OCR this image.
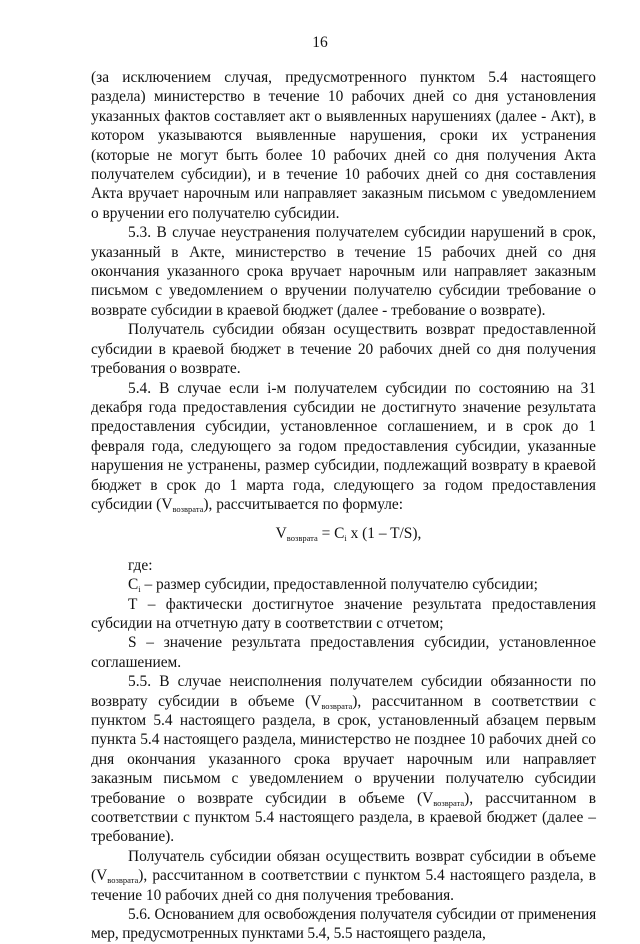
16

(за исключением случая, предусмотренного пунктом 5.4 настоящего раздела) министерство в течение 10 рабочих дней со дня установления указанных фактов составляет акт о выявленных нарушениях (далее - Акт), в котором указываются выявленные нарушения, сроки их устранения (которые не могут быть более 10 рабочих дней со дня получения Акта получателем субсидии), и в течение 10 рабочих дней со дня составления Акта вручает нарочным или направляет заказным письмом с уведомлением о вручении его получателю субсидии.

5.3. В случае неустранения получателем субсидии нарушений в срок, указанный в Акте, министерство в течение 15 рабочих дней со дня окончания указанного срока вручает нарочным или направляет заказным письмом с уведомлением о вручении получателю субсидии требование о возврате субсидии в краевой бюджет (далее - требование о возврате).

Получатель субсидии обязан осуществить возврат предоставленной субсидии в краевой бюджет в течение 20 рабочих дней со дня получения требования о возврате.

5.4. В случае если i-м получателем субсидии по состоянию на 31 декабря года предоставления субсидии не достигнуто значение результата предоставления субсидии, установленное соглашением, и в срок до 1 февраля года, следующего за годом предоставления субсидии, указанные нарушения не устранены, размер субсидии, подлежащий возврату в краевой бюджет в срок до 1 марта года, следующего за годом предоставления субсидии $(V_{возврата})$, рассчитывается по формуле:

$V_{возврата} = C_i$ x (1 – T/S),

где:

$C_i$ – размер субсидии, предоставленной получателю субсидии;

Т – фактически достигнутое значение результата предоставления субсидии на отчетную дату в соответствии с отчетом;

S – значение результата предоставления субсидии, установленное соглашением.

5.5. В случае неисполнения получателем субсидии обязанности по возврату субсидии в объеме $(V_{возврата})$, рассчитанном в соответствии с пунктом 5.4 настоящего раздела, в срок, установленный абзацем первым пункта 5.4 настоящего раздела, министерство не позднее 10 рабочих дней со дня окончания указанного срока вручает нарочным или направляет заказным письмом с уведомлением о вручении получателю субсидии требование о возврате субсидии в объеме $(V_{возврата})$, рассчитанном в соответствии с пунктом 5.4 настоящего раздела, в краевой бюджет (далее – требование).

Получатель субсидии обязан осуществить возврат субсидии в объеме $(V_{возврата})$, рассчитанном в соответствии с пунктом 5.4 настоящего раздела, в течение 10 рабочих дней со дня получения требования.

5.6. Основанием для освобождения получателя субсидии от применения мер, предусмотренных пунктами 5.4, 5.5 настоящего раздела,
